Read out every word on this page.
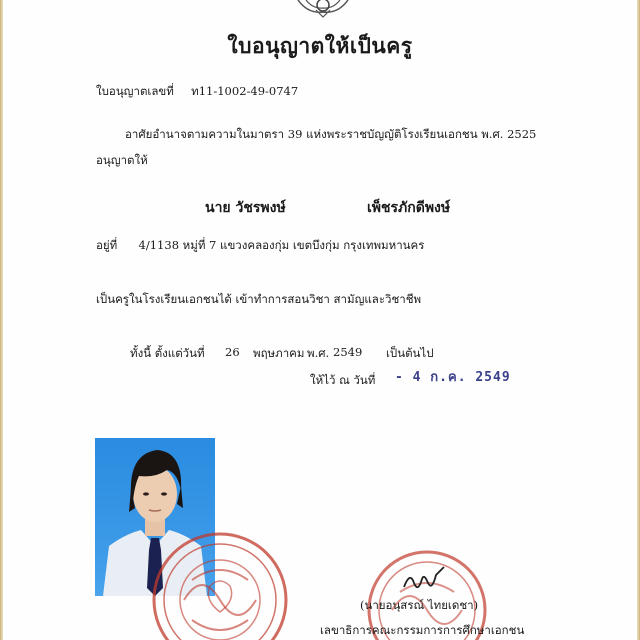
ใบอนุญาตให้เป็นครู
ใบอนุญาตเลขที่ ท11-1002-49-0747
อาศัยอำนาจตามความในมาตรา 39 แห่งพระราชบัญญัติโรงเรียนเอกชน พ.ศ. 2525
อนุญาตให้
นาย วัชรพงษ์	เพ็ชรภักดีพงษ์
อยู่ที่ 4/1138 หมู่ที่ 7 แขวงคลองกุ่ม เขตบึงกุ่ม กรุงเทพมหานคร
เป็นครูในโรงเรียนเอกชนได้ เข้าทำการสอนวิชา สามัญและวิชาชีพ
ทั้งนี้ ตั้งแต่วันที่ 26 พฤษภาคม พ.ศ. 2549 เป็นต้นไป
ให้ไว้ ณ วันที่ - 4 ก.ค. 2549
(นายอนุสรณ์ ไทยเดชา)
เลขาธิการคณะกรรมการการศึกษาเอกชน
